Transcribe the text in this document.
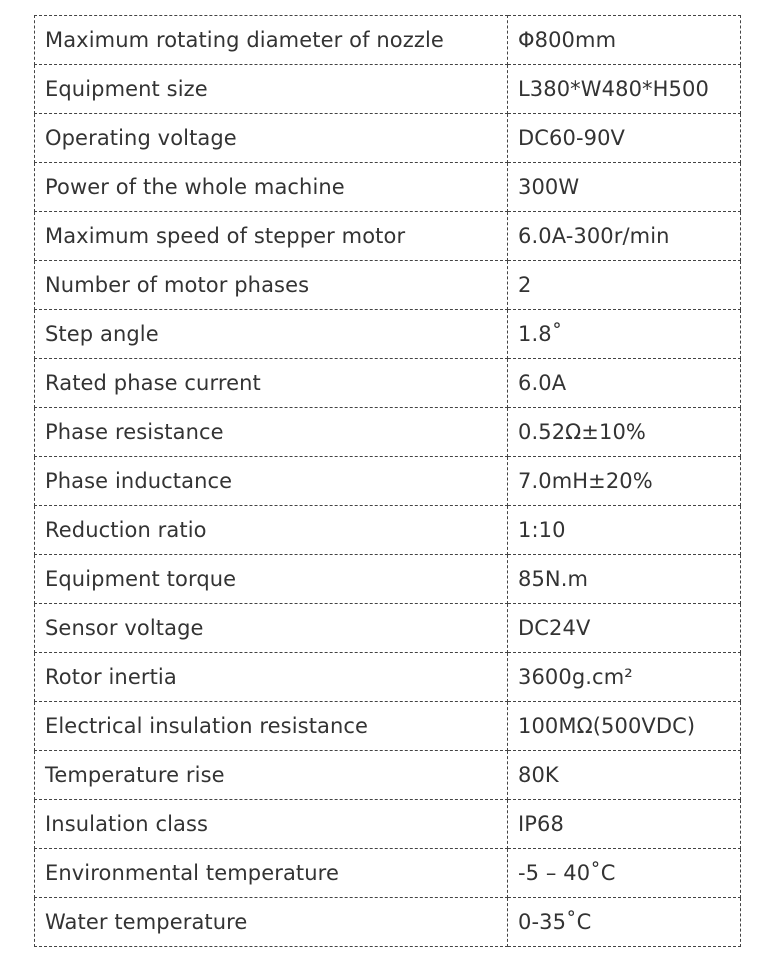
Maximum rotating diameter of nozzle	Φ800mm
Equipment size	L380*W480*H500
Operating voltage	DC60-90V
Power of the whole machine	300W
Maximum speed of stepper motor	6.0A-300r/min
Number of motor phases	2
Step angle	1.8˚
Rated phase current	6.0A
Phase resistance	0.52Ω±10%
Phase inductance	7.0mH±20%
Reduction ratio	1:10
Equipment torque	85N.m
Sensor voltage	DC24V
Rotor inertia	3600g.cm²
Electrical insulation resistance	100MΩ(500VDC)
Temperature rise	80K
Insulation class	IP68
Environmental temperature	-5 – 40˚C
Water temperature	0-35˚C
